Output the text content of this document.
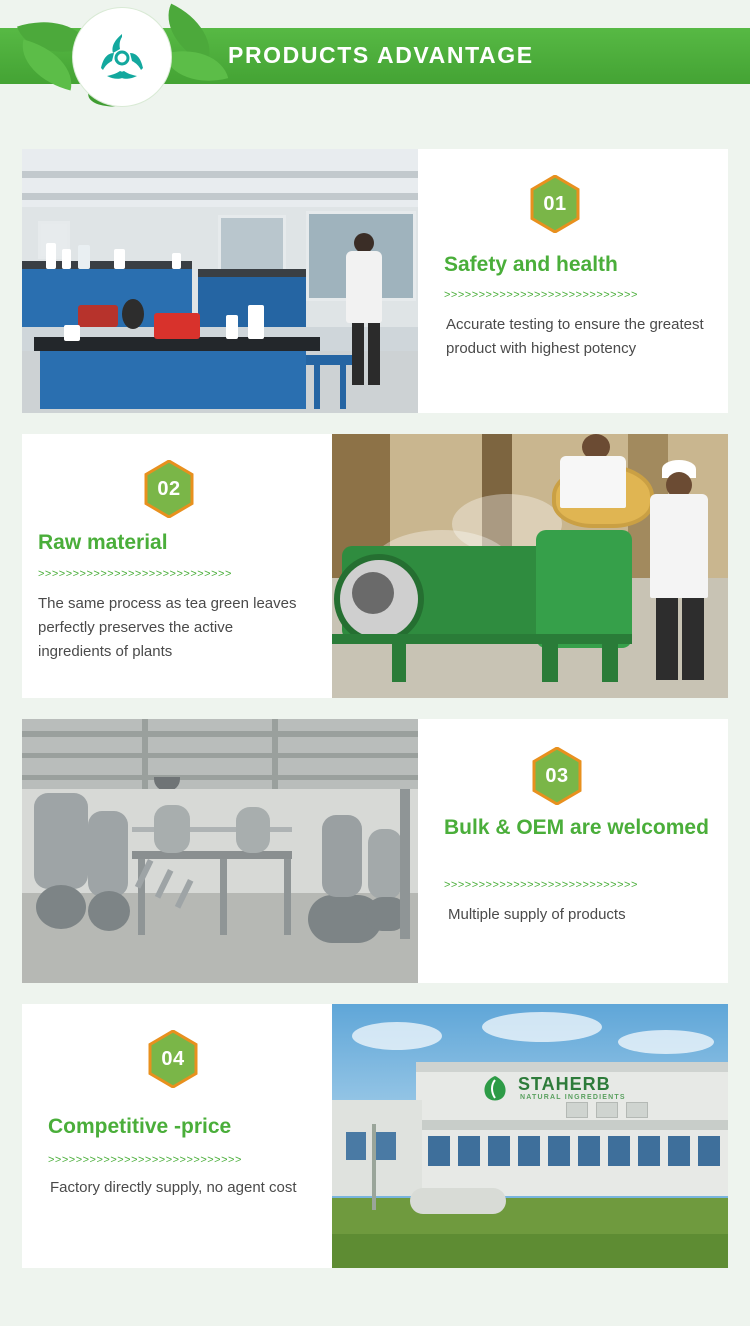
PRODUCTS ADVANTAGE
01
Safety and health
>>>>>>>>>>>>>>>>>>>>>>>>>>>>
Accurate testing to ensure the greatest product with highest potency
02
Raw material
>>>>>>>>>>>>>>>>>>>>>>>>>>>>
The same process as tea green leaves perfectly preserves the active ingredients of plants
03
Bulk & OEM are welcomed
>>>>>>>>>>>>>>>>>>>>>>>>>>>>
Multiple supply of products
STAHERB
NATURAL INGREDIENTS
04
Competitive -price
>>>>>>>>>>>>>>>>>>>>>>>>>>>>
Factory directly supply, no agent cost
